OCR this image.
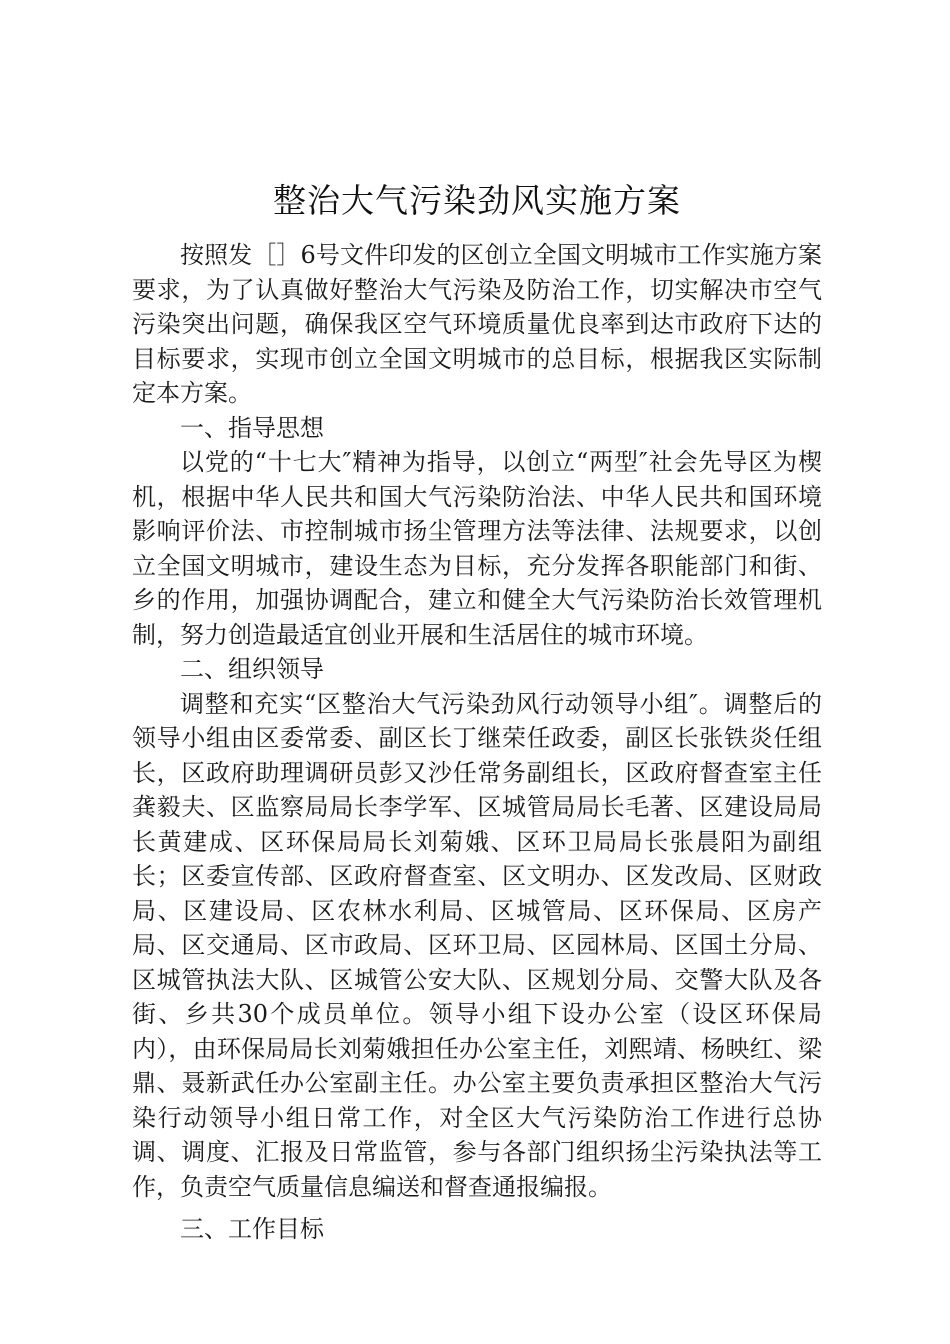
整治大气污染劲风实施方案

按照发［］6号文件印发的区创立全国文明城市工作实施方案要求，为了认真做好整治大气污染及防治工作，切实解决市空气污染突出问题，确保我区空气环境质量优良率到达市政府下达的目标要求，实现市创立全国文明城市的总目标，根据我区实际制定本方案。

一、指导思想

以党的“十七大″精神为指导，以创立“两型″社会先导区为楔机，根据中华人民共和国大气污染防治法、中华人民共和国环境影响评价法、市控制城市扬尘管理方法等法律、法规要求，以创立全国文明城市，建设生态为目标，充分发挥各职能部门和街、乡的作用，加强协调配合，建立和健全大气污染防治长效管理机制，努力创造最适宜创业开展和生活居住的城市环境。

二、组织领导

调整和充实“区整治大气污染劲风行动领导小组″。调整后的领导小组由区委常委、副区长丁继荣任政委，副区长张铁炎任组长，区政府助理调研员彭又沙任常务副组长，区政府督查室主任龚毅夫、区监察局局长李学军、区城管局局长毛著、区建设局局长黄建成、区环保局局长刘菊娥、区环卫局局长张晨阳为副组长；区委宣传部、区政府督查室、区文明办、区发改局、区财政局、区建设局、区农林水利局、区城管局、区环保局、区房产局、区交通局、区市政局、区环卫局、区园林局、区国土分局、区城管执法大队、区城管公安大队、区规划分局、交警大队及各街、乡共30个成员单位。领导小组下设办公室（设区环保局内），由环保局局长刘菊娥担任办公室主任，刘熙靖、杨映红、梁鼎、聂新武任办公室副主任。办公室主要负责承担区整治大气污染行动领导小组日常工作，对全区大气污染防治工作进行总协调、调度、汇报及日常监管，参与各部门组织扬尘污染执法等工作，负责空气质量信息编送和督查通报编报。

三、工作目标
